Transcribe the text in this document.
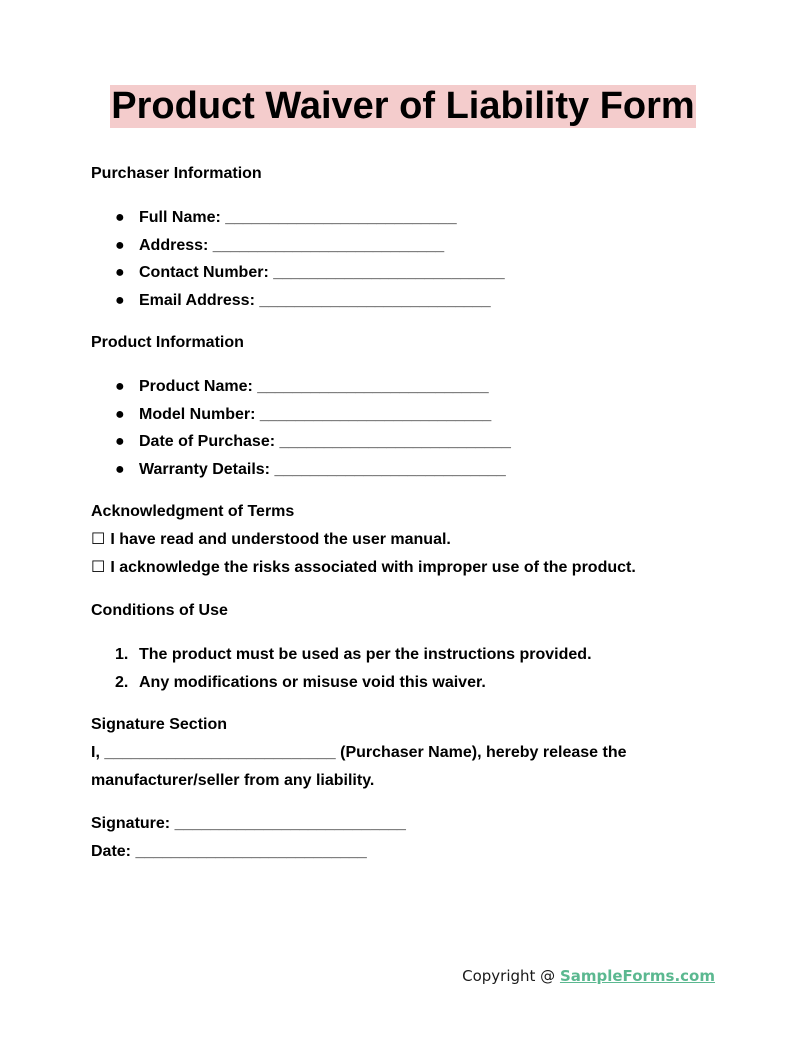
Product Waiver of Liability Form
Purchaser Information
● Full Name: __________________________
● Address: __________________________
● Contact Number: __________________________
● Email Address: __________________________
Product Information
● Product Name: __________________________
● Model Number: __________________________
● Date of Purchase: __________________________
● Warranty Details: __________________________
Acknowledgment of Terms
☐ I have read and understood the user manual.
☐ I acknowledge the risks associated with improper use of the product.
Conditions of Use
1. The product must be used as per the instructions provided.
2. Any modifications or misuse void this waiver.
Signature Section
I, __________________________ (Purchaser Name), hereby release the manufacturer/seller from any liability.
Signature: __________________________
Date: __________________________
Copyright @ SampleForms.com
